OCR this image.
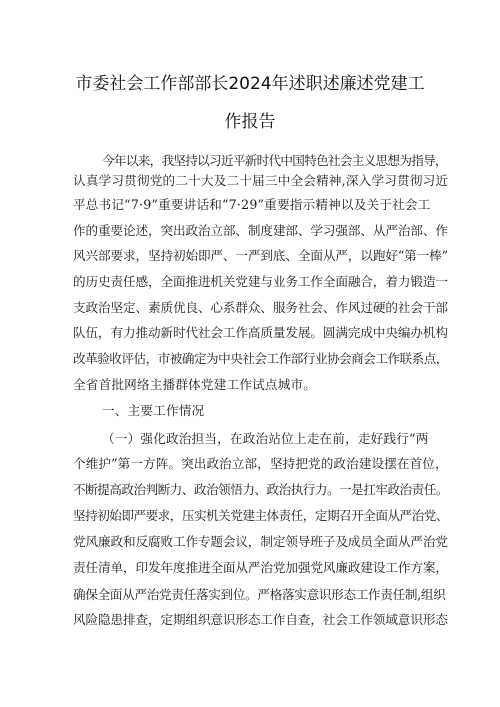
市委社会工作部部长2024年述职述廉述党建工
作报告
今年以来，我坚持以习近平新时代中国特色社会主义思想为指导，
认真学习贯彻党的二十大及二十届三中全会精神,深入学习贯彻习近
平总书记“7·9”重要讲话和“7·29”重要指示精神以及关于社会工
作的重要论述，突出政治立部、制度建部、学习强部、从严治部、作
风兴部要求，坚持初始即严、一严到底、全面从严，以跑好“第一棒”
的历史责任感，全面推进机关党建与业务工作全面融合，着力锻造一
支政治坚定、素质优良、心系群众、服务社会、作风过硬的社会干部
队伍，有力推动新时代社会工作高质量发展。圆满完成中央编办机构
改革验收评估，市被确定为中央社会工作部行业协会商会工作联系点，
全省首批网络主播群体党建工作试点城市。
一、主要工作情况
（一）强化政治担当，在政治站位上走在前，走好践行“两
个维护”第一方阵。突出政治立部，坚持把党的政治建设摆在首位，
不断提高政治判断力、政治领悟力、政治执行力。一是扛牢政治责任。
坚持初始即严要求，压实机关党建主体责任，定期召开全面从严治党、
党风廉政和反腐败工作专题会议，制定领导班子及成员全面从严治党
责任清单，印发年度推进全面从严治党加强党风廉政建设工作方案，
确保全面从严治党责任落实到位。严格落实意识形态工作责任制,组织
风险隐患排查，定期组织意识形态工作自查，社会工作领域意识形态
